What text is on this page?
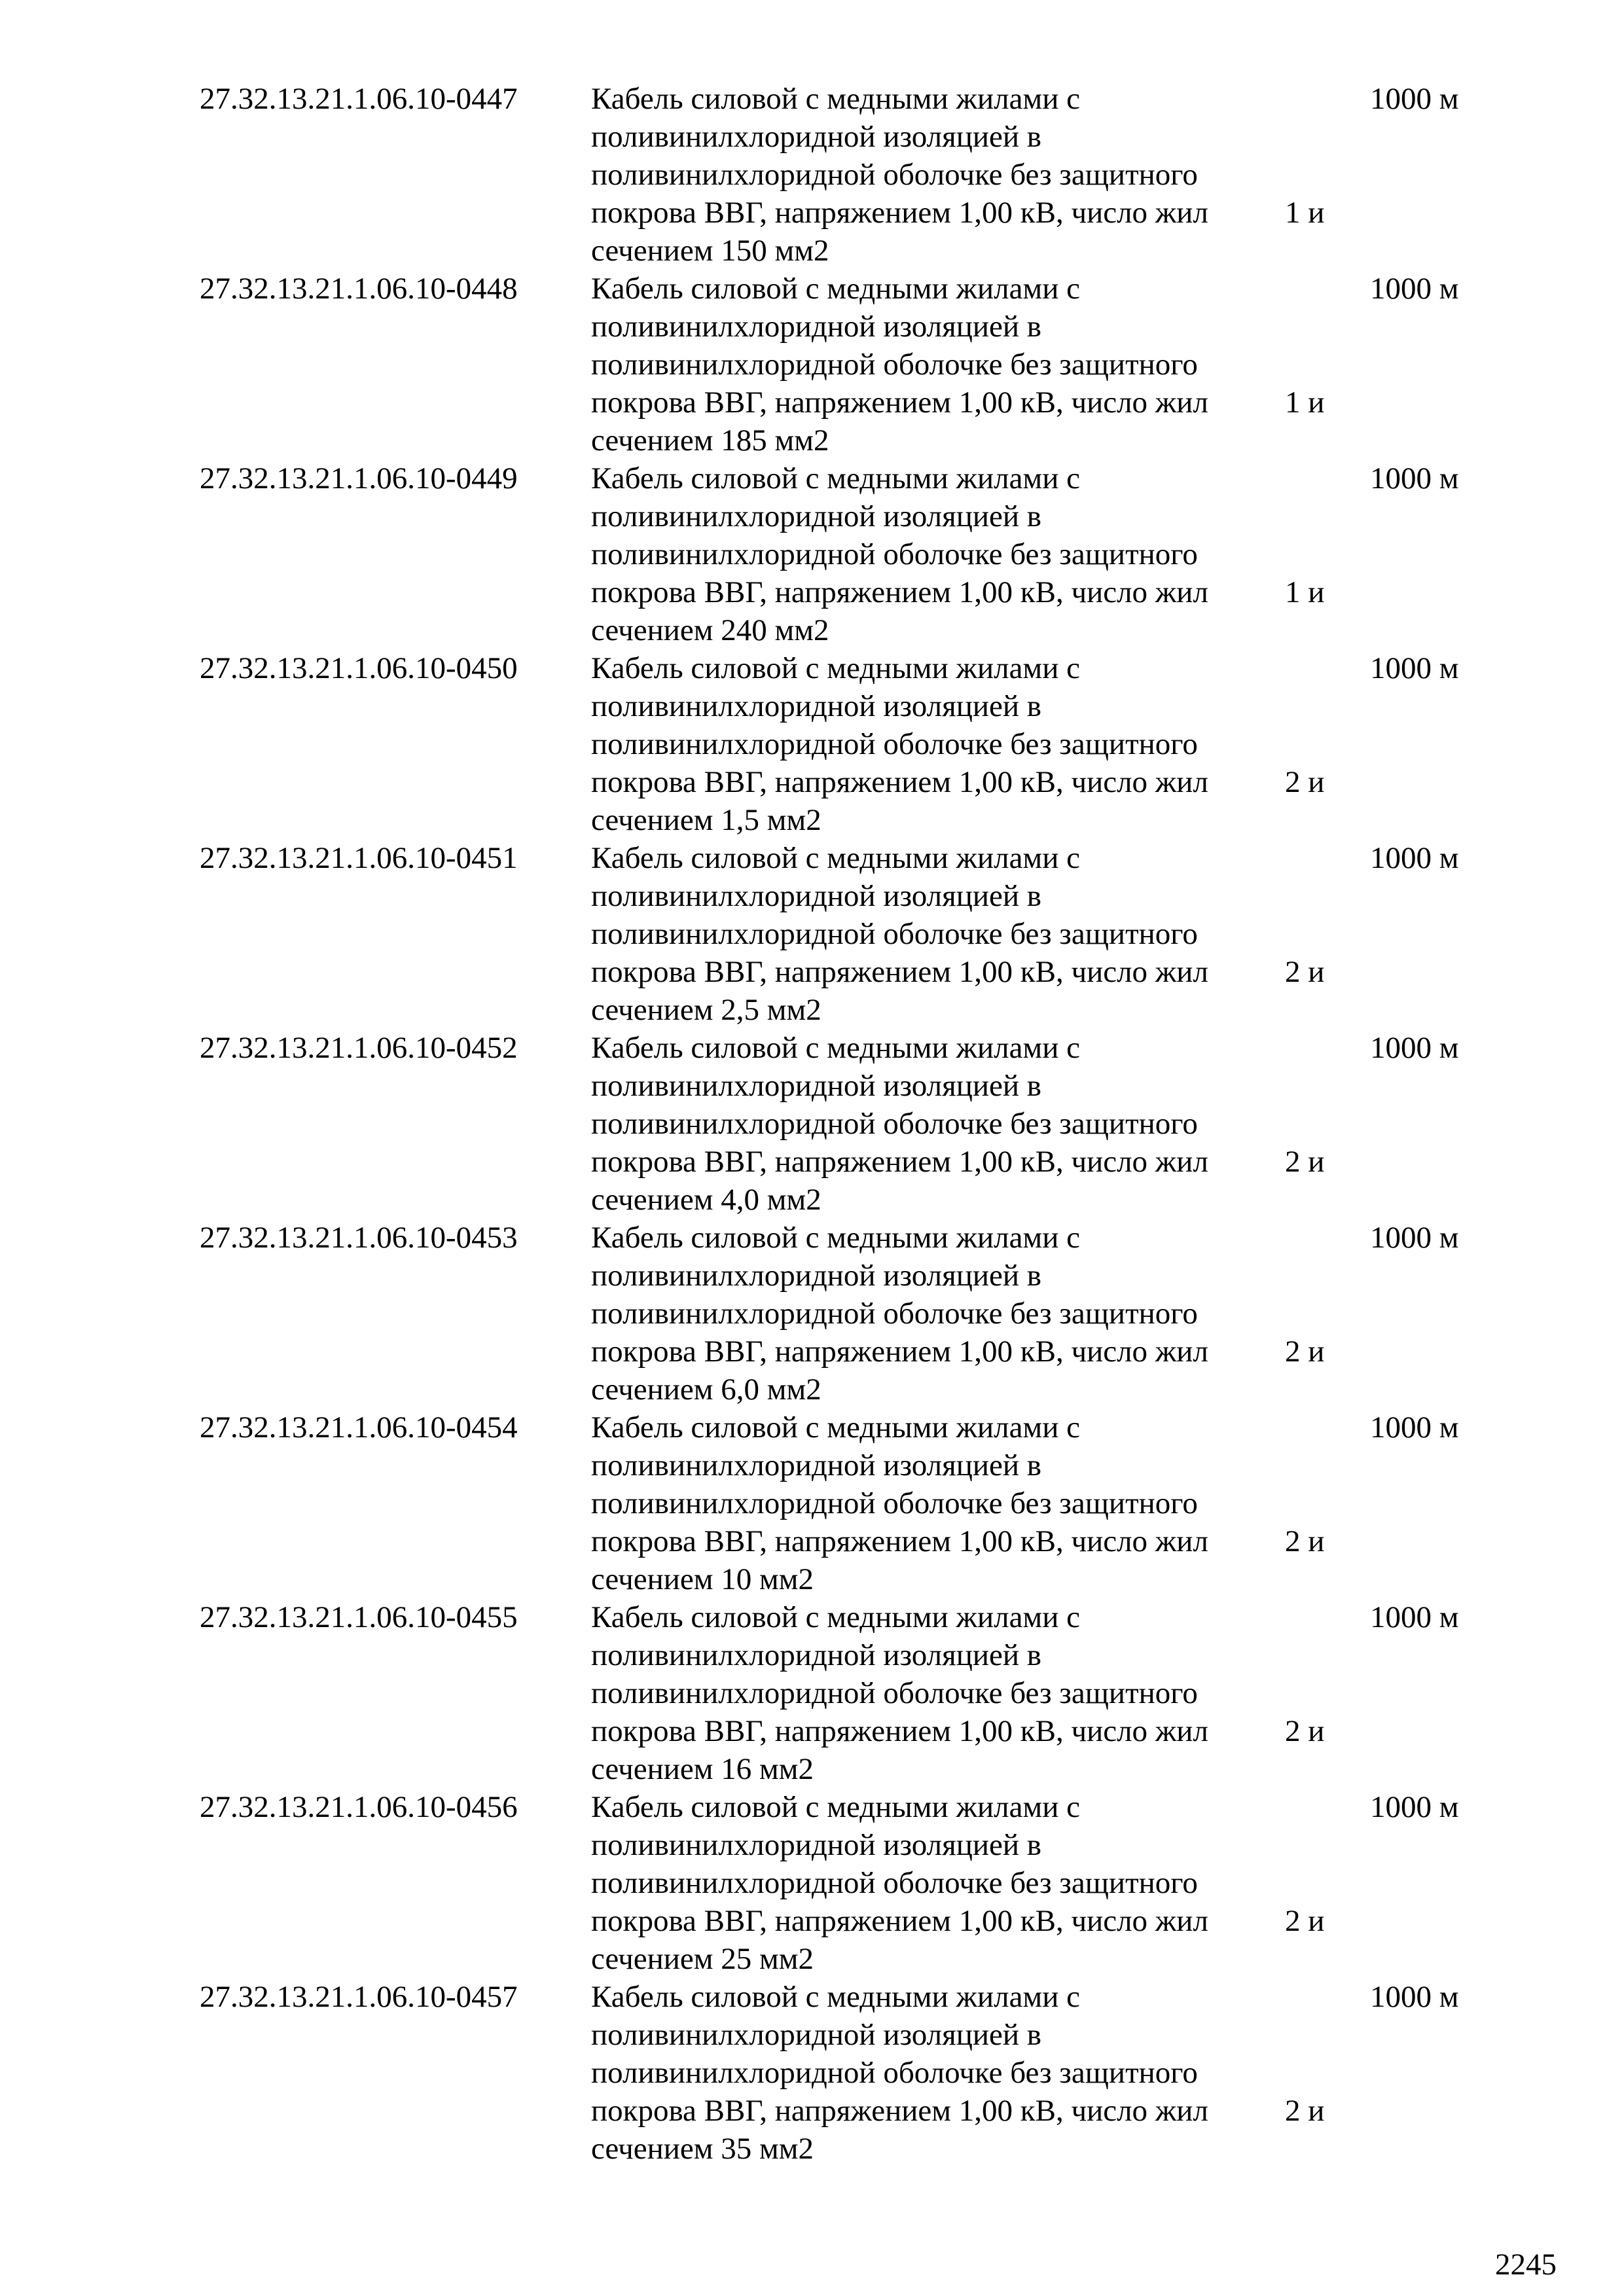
27.32.13.21.1.06.10-0447 Кабель силовой с медными жилами с
поливинилхлоридной изоляцией в
поливинилхлоридной оболочке без защитного
покрова ВВГ, напряжением 1,00 кВ, число жил
сечением 150 мм2
1 и
1000 м
27.32.13.21.1.06.10-0448 Кабель силовой с медными жилами с
поливинилхлоридной изоляцией в
поливинилхлоридной оболочке без защитного
покрова ВВГ, напряжением 1,00 кВ, число жил
сечением 185 мм2
1 и
1000 м
27.32.13.21.1.06.10-0449 Кабель силовой с медными жилами с
поливинилхлоридной изоляцией в
поливинилхлоридной оболочке без защитного
покрова ВВГ, напряжением 1,00 кВ, число жил
сечением 240 мм2
1 и
1000 м
27.32.13.21.1.06.10-0450 Кабель силовой с медными жилами с
поливинилхлоридной изоляцией в
поливинилхлоридной оболочке без защитного
покрова ВВГ, напряжением 1,00 кВ, число жил
сечением 1,5 мм2
2 и
1000 м
27.32.13.21.1.06.10-0451 Кабель силовой с медными жилами с
поливинилхлоридной изоляцией в
поливинилхлоридной оболочке без защитного
покрова ВВГ, напряжением 1,00 кВ, число жил
сечением 2,5 мм2
2 и
1000 м
27.32.13.21.1.06.10-0452 Кабель силовой с медными жилами с
поливинилхлоридной изоляцией в
поливинилхлоридной оболочке без защитного
покрова ВВГ, напряжением 1,00 кВ, число жил
сечением 4,0 мм2
2 и
1000 м
27.32.13.21.1.06.10-0453 Кабель силовой с медными жилами с
поливинилхлоридной изоляцией в
поливинилхлоридной оболочке без защитного
покрова ВВГ, напряжением 1,00 кВ, число жил
сечением 6,0 мм2
2 и
1000 м
27.32.13.21.1.06.10-0454 Кабель силовой с медными жилами с
поливинилхлоридной изоляцией в
поливинилхлоридной оболочке без защитного
покрова ВВГ, напряжением 1,00 кВ, число жил
сечением 10 мм2
2 и
1000 м
27.32.13.21.1.06.10-0455 Кабель силовой с медными жилами с
поливинилхлоридной изоляцией в
поливинилхлоридной оболочке без защитного
покрова ВВГ, напряжением 1,00 кВ, число жил
сечением 16 мм2
2 и
1000 м
27.32.13.21.1.06.10-0456 Кабель силовой с медными жилами с
поливинилхлоридной изоляцией в
поливинилхлоридной оболочке без защитного
покрова ВВГ, напряжением 1,00 кВ, число жил
сечением 25 мм2
2 и
1000 м
27.32.13.21.1.06.10-0457 Кабель силовой с медными жилами с
поливинилхлоридной изоляцией в
поливинилхлоридной оболочке без защитного
покрова ВВГ, напряжением 1,00 кВ, число жил
сечением 35 мм2
2 и
1000 м
2245
